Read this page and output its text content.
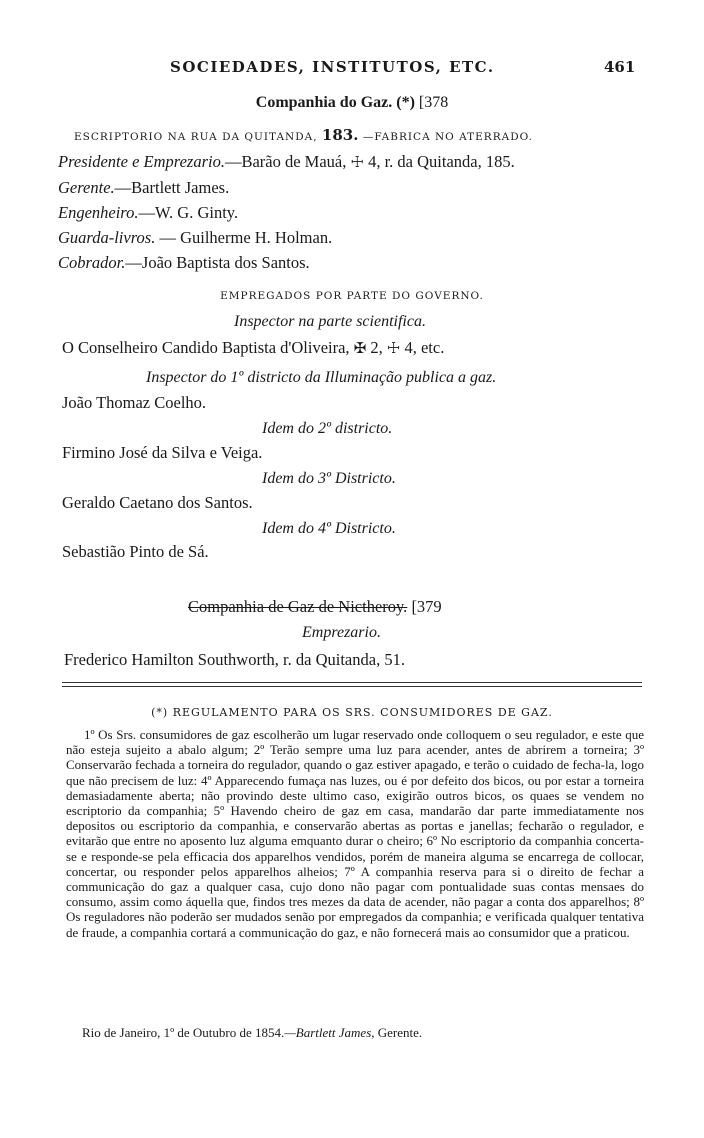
SOCIEDADES, INSTITUTOS, ETC.	461
Companhia do Gaz. (*) [378
ESCRIPTORIO NA RUA DA QUITANDA, 183. —FABRICA NO ATERRADO.
Presidente e Emprezario.—Barão de Mauá, ☩ 4, r. da Quitanda, 185.
Gerente.—Bartlett James.
Engenheiro.—W. G. Ginty.
Guarda-livros. — Guilherme H. Holman.
Cobrador.—João Baptista dos Santos.
EMPREGADOS POR PARTE DO GOVERNO.
Inspector na parte scientifica.
O Conselheiro Candido Baptista d'Oliveira, ✠ 2, ☩ 4, etc.
Inspector do 1º districto da Illuminação publica a gaz.
João Thomaz Coelho.
Idem do 2º districto.
Firmino José da Silva e Veiga.
Idem do 3º Districto.
Geraldo Caetano dos Santos.
Idem do 4º Districto.
Sebastião Pinto de Sá.
Companhia de Gaz de Nictheroy. [379
Emprezario.
Frederico Hamilton Southworth, r. da Quitanda, 51.
(*) REGULAMENTO PARA OS SRS. CONSUMIDORES DE GAZ.
1º Os Srs. consumidores de gaz escolherão um lugar reservado onde colloquem o seu regulador, e este que não esteja sujeito a abalo algum; 2º Terão sempre uma luz para acender, antes de abrirem a torneira; 3º Conservarão fechada a torneira do regulador, quando o gaz estiver apagado, e terão o cuidado de fecha-la, logo que não precisem de luz: 4º Apparecendo fumaça nas luzes, ou é por defeito dos bicos, ou por estar a torneira demasiadamente aberta; não provindo deste ultimo caso, exigirão outros bicos, os quaes se vendem no escriptorio da companhia; 5º Havendo cheiro de gaz em casa, mandarão dar parte immediatamente nos depositos ou escriptorio da companhia, e conservarão abertas as portas e janellas; fecharão o regulador, e evitarão que entre no aposento luz alguma emquanto durar o cheiro; 6º No escriptorio da companhia concerta-se e responde-se pela efficacia dos apparelhos vendidos, porém de maneira alguma se encarrega de collocar, concertar, ou responder pelos apparelhos alheios; 7º A companhia reserva para si o direito de fechar a communicação do gaz a qualquer casa, cujo dono não pagar com pontualidade suas contas mensaes do consumo, assim como áquella que, findos tres mezes da data de acender, não pagar a conta dos apparelhos; 8º Os reguladores não poderão ser mudados senão por empregados da companhia; e verificada qualquer tentativa de fraude, a companhia cortará a communicação do gaz, e não fornecerá mais ao consumidor que a praticou.
Rio de Janeiro, 1º de Outubro de 1854.—Bartlett James, Gerente.
